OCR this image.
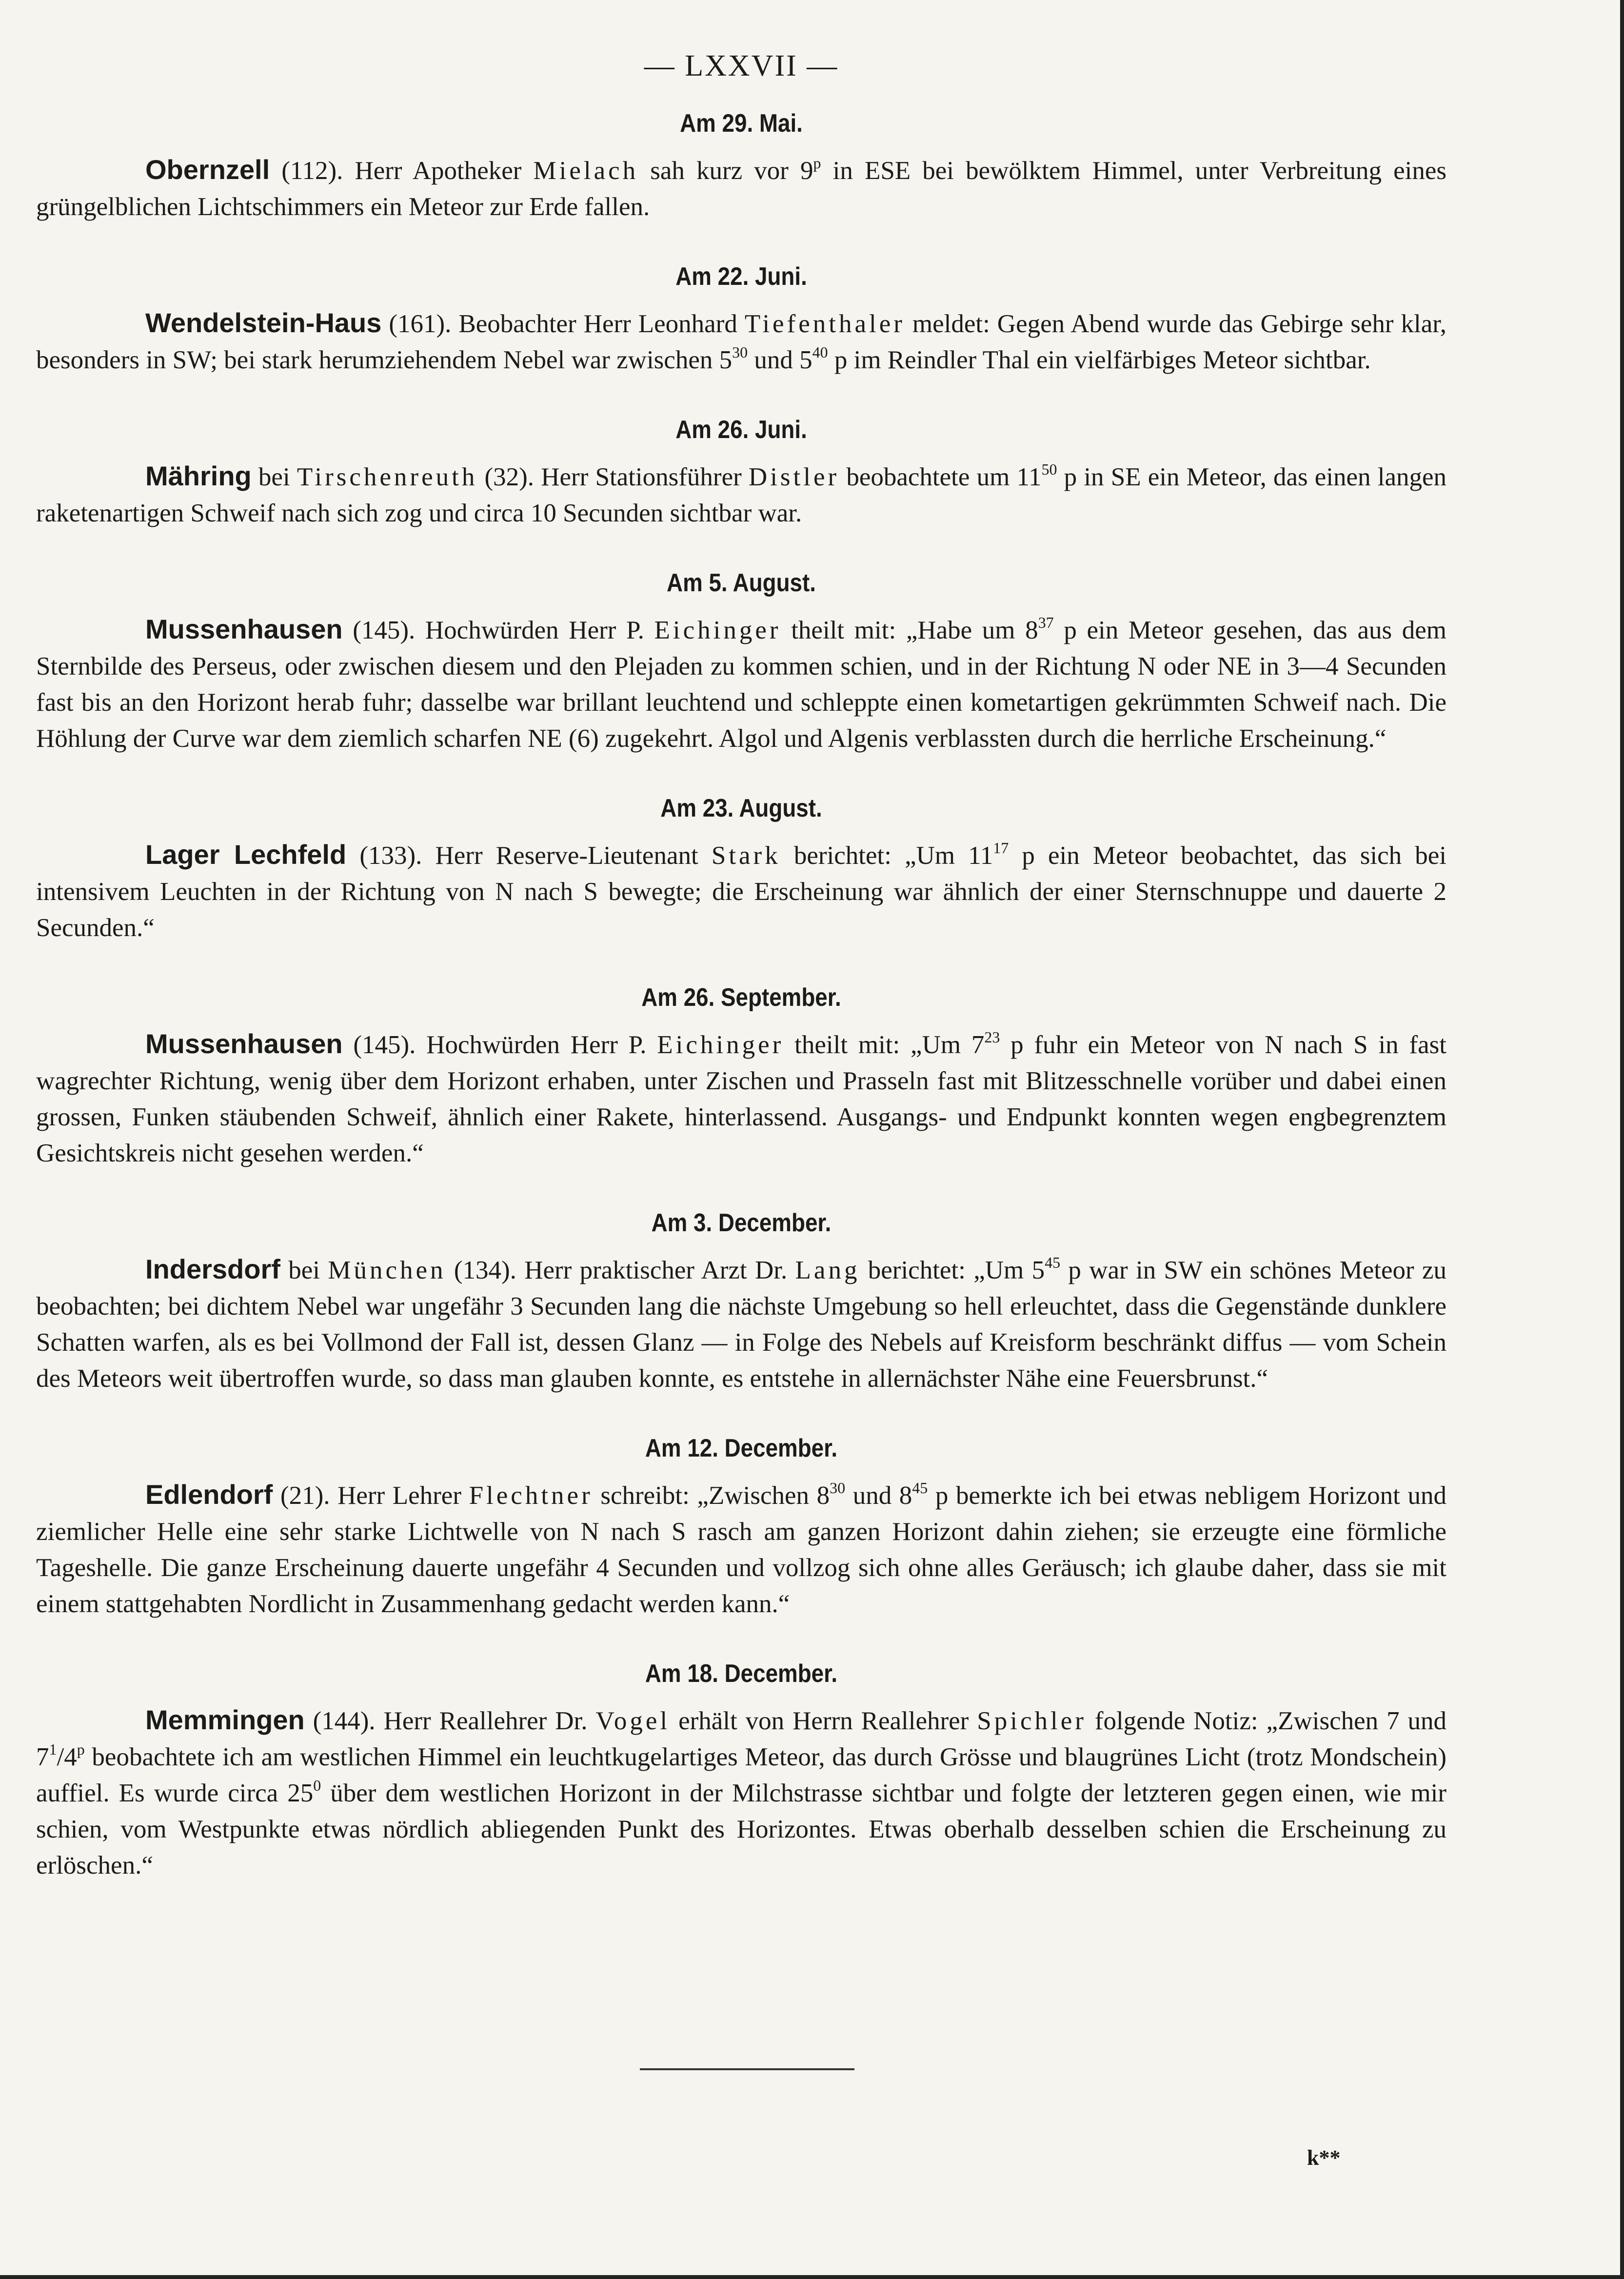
— LXXVII —
Am 29. Mai.

Obernzell (112). Herr Apotheker Mielach sah kurz vor 9$^p$ in ESE bei bewölktem Himmel, unter Verbreitung eines grüngelblichen Lichtschimmers ein Meteor zur Erde fallen.

Am 22. Juni.

Wendelstein-Haus (161). Beobachter Herr Leonhard Tiefenthaler meldet: Gegen Abend wurde das Gebirge sehr klar, besonders in SW; bei stark herumziehendem Nebel war zwischen $5^{30}$ und $5^{40}$ p im Reindler Thal ein vielfärbiges Meteor sichtbar.

Am 26. Juni.

Mähring bei Tirschenreuth (32). Herr Stationsführer Distler beobachtete um $11^{50}$ p in SE ein Meteor, das einen langen raketenartigen Schweif nach sich zog und circa 10 Secunden sichtbar war.

Am 5. August.

Mussenhausen (145). Hochwürden Herr P. Eichinger theilt mit: „Habe um $8^{37}$ p ein Meteor gesehen, das aus dem Sternbilde des Perseus, oder zwischen diesem und den Plejaden zu kommen schien, und in der Richtung N oder NE in 3—4 Secunden fast bis an den Horizont herab fuhr; dasselbe war brillant leuchtend und schleppte einen kometartigen gekrümmten Schweif nach. Die Höhlung der Curve war dem ziemlich scharfen NE (6) zugekehrt. Algol und Algenis verblassten durch die herrliche Erscheinung.“

Am 23. August.

Lager Lechfeld (133). Herr Reserve-Lieutenant Stark berichtet: „Um $11^{17}$ p ein Meteor beobachtet, das sich bei intensivem Leuchten in der Richtung von N nach S bewegte; die Erscheinung war ähnlich der einer Sternschnuppe und dauerte 2 Secunden.“

Am 26. September.

Mussenhausen (145). Hochwürden Herr P. Eichinger theilt mit: „Um $7^{23}$ p fuhr ein Meteor von N nach S in fast wagrechter Richtung, wenig über dem Horizont erhaben, unter Zischen und Prasseln fast mit Blitzesschnelle vorüber und dabei einen grossen, Funken stäubenden Schweif, ähnlich einer Rakete, hinterlassend. Ausgangs- und Endpunkt konnten wegen engbegrenztem Gesichtskreis nicht gesehen werden.“

Am 3. December.

Indersdorf bei München (134). Herr praktischer Arzt Dr. Lang berichtet: „Um $5^{45}$ p war in SW ein schönes Meteor zu beobachten; bei dichtem Nebel war ungefähr 3 Secunden lang die nächste Umgebung so hell erleuchtet, dass die Gegenstände dunklere Schatten warfen, als es bei Vollmond der Fall ist, dessen Glanz — in Folge des Nebels auf Kreisform beschränkt diffus — vom Schein des Meteors weit übertroffen wurde, so dass man glauben konnte, es entstehe in allernächster Nähe eine Feuersbrunst.“

Am 12. December.

Edlendorf (21). Herr Lehrer Flechtner schreibt: „Zwischen $8^{30}$ und $8^{45}$ p bemerkte ich bei etwas nebligem Horizont und ziemlicher Helle eine sehr starke Lichtwelle von N nach S rasch am ganzen Horizont dahin ziehen; sie erzeugte eine förmliche Tageshelle. Die ganze Erscheinung dauerte ungefähr 4 Secunden und vollzog sich ohne alles Geräusch; ich glaube daher, dass sie mit einem stattgehabten Nordlicht in Zusammenhang gedacht werden kann.“

Am 18. December.

Memmingen (144). Herr Reallehrer Dr. Vogel erhält von Herrn Reallehrer Spichler folgende Notiz: „Zwischen 7 und $7^1/4^p$ beobachtete ich am westlichen Himmel ein leuchtkugelartiges Meteor, das durch Grösse und blaugrünes Licht (trotz Mondschein) auffiel. Es wurde circa $25^0$ über dem westlichen Horizont in der Milchstrasse sichtbar und folgte der letzteren gegen einen, wie mir schien, vom Westpunkte etwas nördlich abliegenden Punkt des Horizontes. Etwas oberhalb desselben schien die Erscheinung zu erlöschen.“

k**
